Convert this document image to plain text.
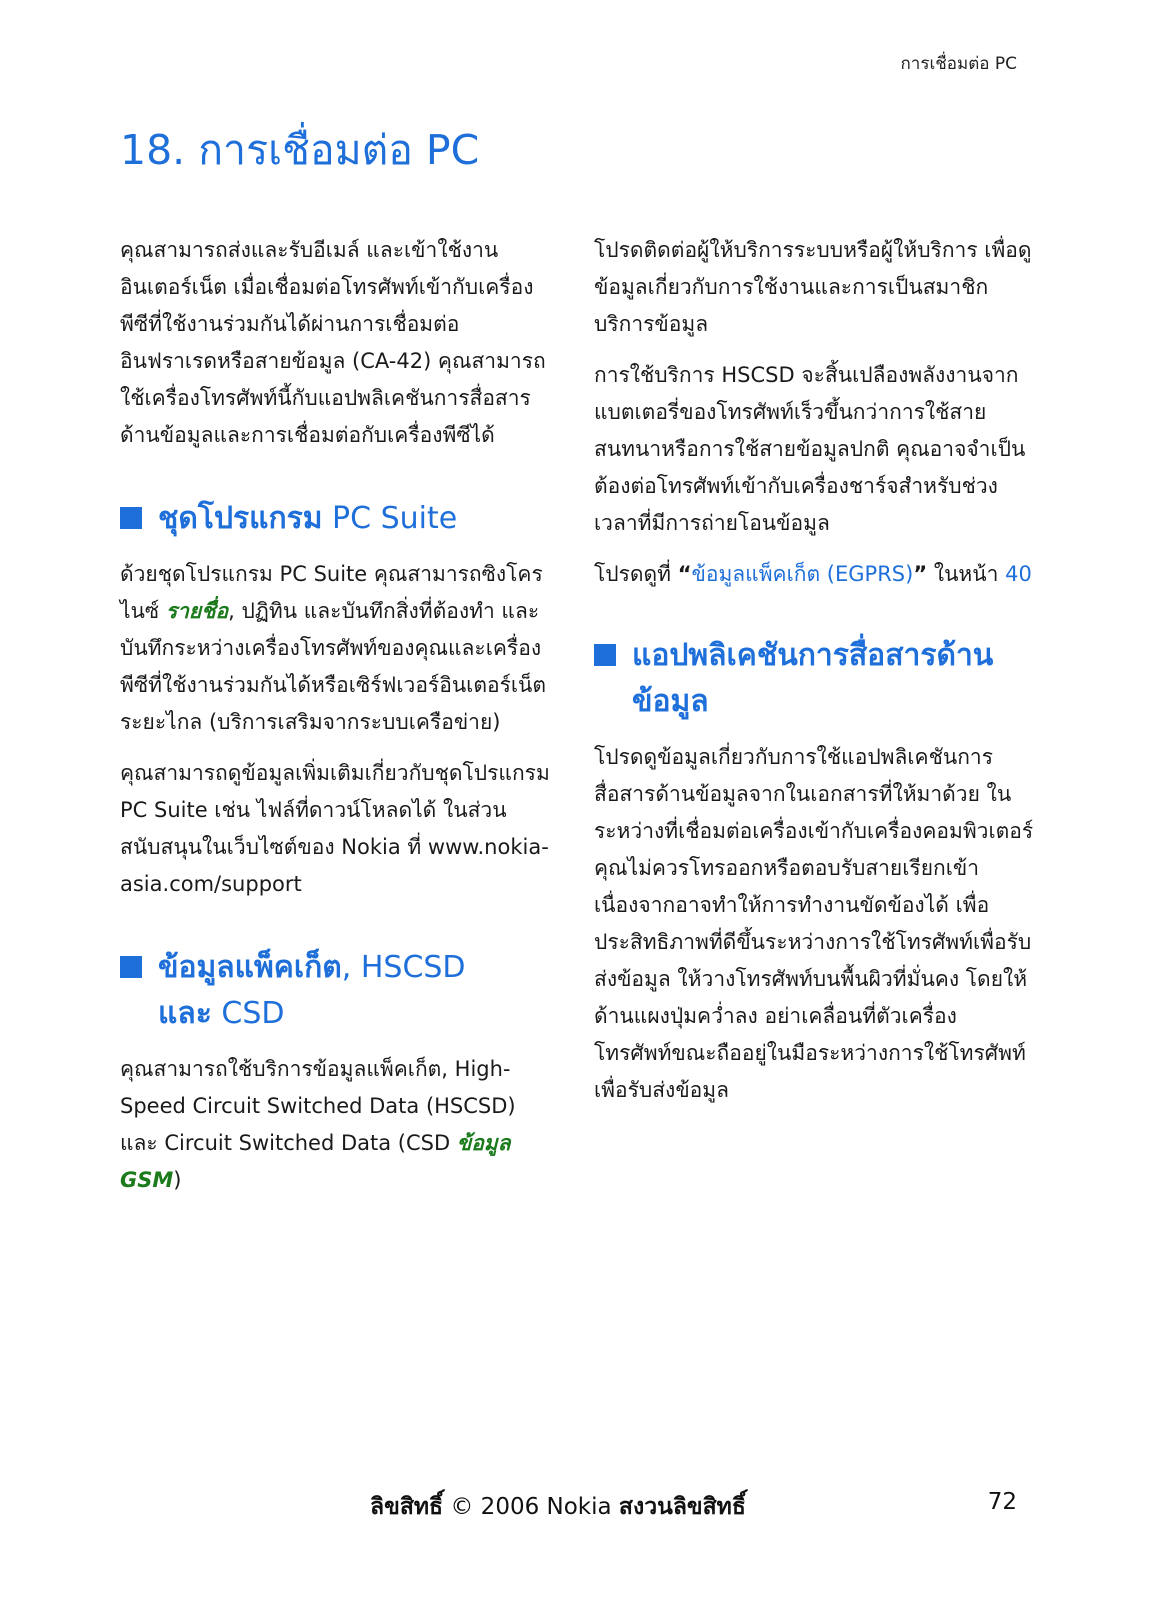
การเชื่อมต่อ PC
18. การเชื่อมต่อ PC

คุณสามารถส่งและรับอีเมล์ และเข้าใช้งานอินเตอร์เน็ต เมื่อเชื่อมต่อโทรศัพท์เข้ากับเครื่องพีซีที่ใช้งานร่วมกันได้ผ่านการเชื่อมต่ออินฟราเรดหรือสายข้อมูล (CA-42) คุณสามารถใช้เครื่องโทรศัพท์นี้กับแอปพลิเคชันการสื่อสารด้านข้อมูลและการเชื่อมต่อกับเครื่องพีซีได้

ชุดโปรแกรม PC Suite

ด้วยชุดโปรแกรม PC Suite คุณสามารถซิงโครไนซ์ รายชื่อ, ปฏิทิน และบันทึกสิ่งที่ต้องทำ และบันทึกระหว่างเครื่องโทรศัพท์ของคุณและเครื่องพีซีที่ใช้งานร่วมกันได้หรือเซิร์ฟเวอร์อินเตอร์เน็ตระยะไกล (บริการเสริมจากระบบเครือข่าย)

คุณสามารถดูข้อมูลเพิ่มเติมเกี่ยวกับชุดโปรแกรม PC Suite เช่น ไฟล์ที่ดาวน์โหลดได้ ในส่วนสนับสนุนในเว็บไซต์ของ Nokia ที่ www.nokia-asia.com/support

ข้อมูลแพ็คเก็ต, HSCSD
และ CSD

คุณสามารถใช้บริการข้อมูลแพ็คเก็ต, High-Speed Circuit Switched Data (HSCSD) และ Circuit Switched Data (CSD ข้อมูล GSM)

โปรดติดต่อผู้ให้บริการระบบหรือผู้ให้บริการ เพื่อดูข้อมูลเกี่ยวกับการใช้งานและการเป็นสมาชิกบริการข้อมูล

การใช้บริการ HSCSD จะสิ้นเปลืองพลังงานจากแบตเตอรี่ของโทรศัพท์เร็วขึ้นกว่าการใช้สายสนทนาหรือการใช้สายข้อมูลปกติ คุณอาจจำเป็นต้องต่อโทรศัพท์เข้ากับเครื่องชาร์จสำหรับช่วงเวลาที่มีการถ่ายโอนข้อมูล

โปรดดูที่ “ข้อมูลแพ็คเก็ต (EGPRS)” ในหน้า 40

แอปพลิเคชันการสื่อสารด้านข้อมูล

โปรดดูข้อมูลเกี่ยวกับการใช้แอปพลิเคชันการสื่อสารด้านข้อมูลจากในเอกสารที่ให้มาด้วย ในระหว่างที่เชื่อมต่อเครื่องเข้ากับเครื่องคอมพิวเตอร์ คุณไม่ควรโทรออกหรือตอบรับสายเรียกเข้า เนื่องจากอาจทำให้การทำงานขัดข้องได้ เพื่อประสิทธิภาพที่ดีขึ้นระหว่างการใช้โทรศัพท์เพื่อรับส่งข้อมูล ให้วางโทรศัพท์บนพื้นผิวที่มั่นคง โดยให้ด้านแผงปุ่มคว่ำลง อย่าเคลื่อนที่ตัวเครื่องโทรศัพท์ขณะถืออยู่ในมือระหว่างการใช้โทรศัพท์เพื่อรับส่งข้อมูล

ลิขสิทธิ์ © 2006 Nokia สงวนลิขสิทธิ์	72
